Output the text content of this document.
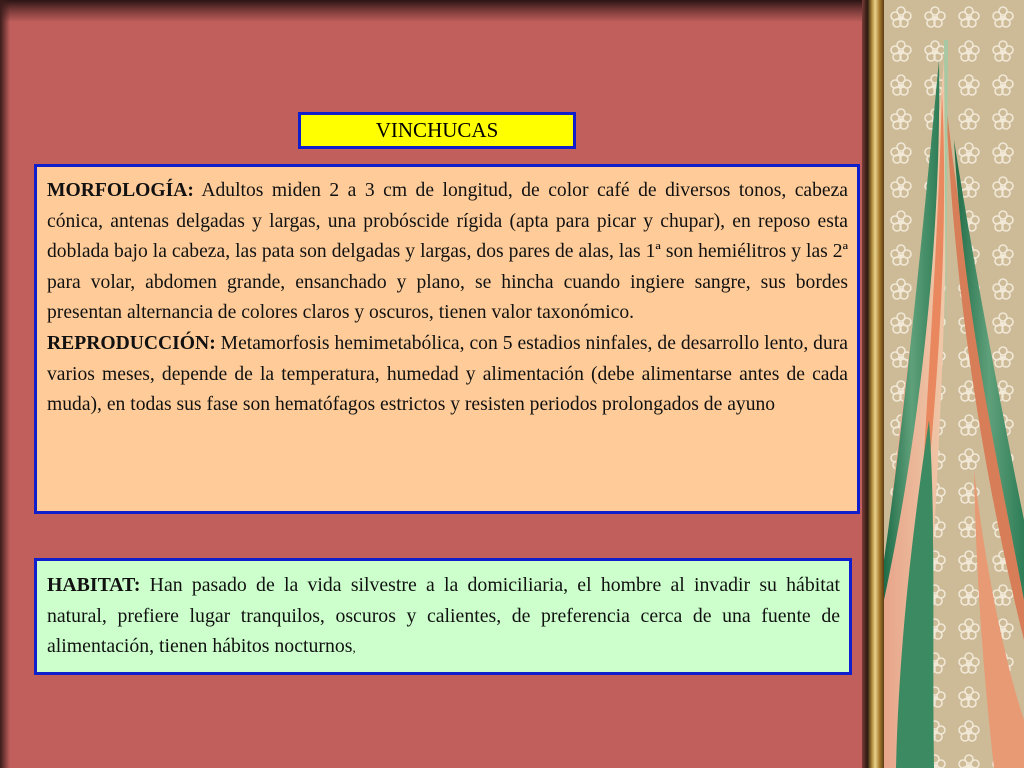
VINCHUCAS

MORFOLOGÍA: Adultos miden 2 a 3 cm de longitud, de color café de diversos tonos, cabeza cónica, antenas delgadas y largas, una probóscide rígida (apta para picar y chupar), en reposo esta doblada bajo la cabeza, las pata son delgadas y largas, dos pares de alas, las 1ª son hemiélitros y las 2ª para volar, abdomen grande, ensanchado y plano, se hincha cuando ingiere sangre, sus bordes presentan alternancia de colores claros y oscuros, tienen valor taxonómico.

REPRODUCCIÓN: Metamorfosis hemimetabólica, con 5 estadios ninfales, de desarrollo lento, dura varios meses, depende de la temperatura, humedad y alimentación (debe alimentarse antes de cada muda), en todas sus fase son hematófagos estrictos y resisten periodos prolongados de ayuno

HABITAT: Han pasado de la vida silvestre a la domiciliaria, el hombre al invadir su hábitat natural, prefiere lugar tranquilos, oscuros y calientes, de preferencia cerca de una fuente de alimentación, tienen hábitos nocturnos,
